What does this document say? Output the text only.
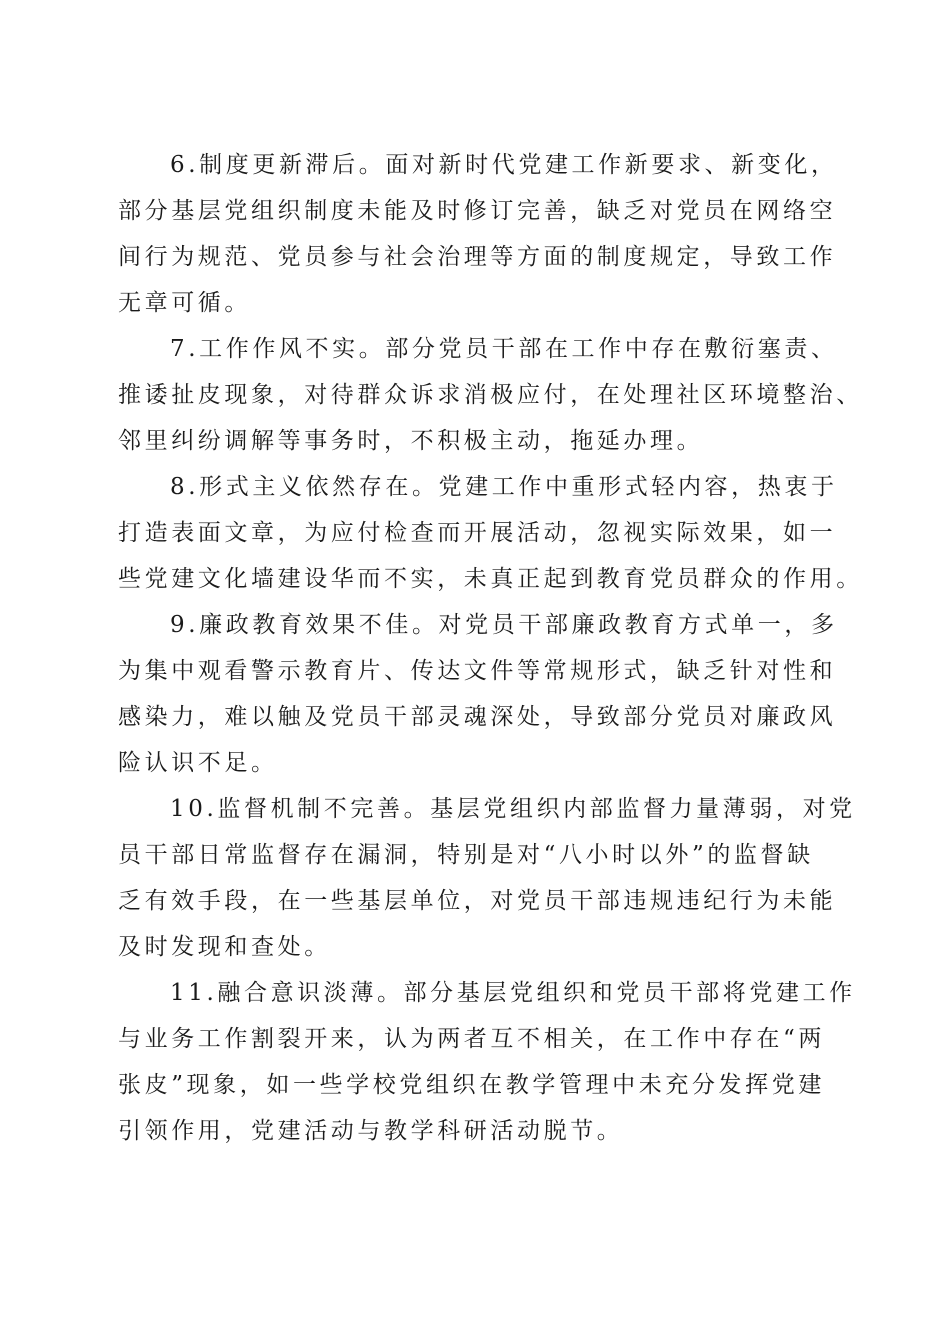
6.制度更新滞后。面对新时代党建工作新要求、新变化，
部分基层党组织制度未能及时修订完善，缺乏对党员在网络空
间行为规范、党员参与社会治理等方面的制度规定，导致工作
无章可循。
7.工作作风不实。部分党员干部在工作中存在敷衍塞责、
推诿扯皮现象，对待群众诉求消极应付，在处理社区环境整治、
邻里纠纷调解等事务时，不积极主动，拖延办理。
8.形式主义依然存在。党建工作中重形式轻内容，热衷于
打造表面文章，为应付检查而开展活动，忽视实际效果，如一
些党建文化墙建设华而不实，未真正起到教育党员群众的作用。
9.廉政教育效果不佳。对党员干部廉政教育方式单一，多
为集中观看警示教育片、传达文件等常规形式，缺乏针对性和
感染力，难以触及党员干部灵魂深处，导致部分党员对廉政风
险认识不足。
10.监督机制不完善。基层党组织内部监督力量薄弱，对党
员干部日常监督存在漏洞，特别是对“八小时以外”的监督缺
乏有效手段，在一些基层单位，对党员干部违规违纪行为未能
及时发现和查处。
11.融合意识淡薄。部分基层党组织和党员干部将党建工作
与业务工作割裂开来，认为两者互不相关，在工作中存在“两
张皮”现象，如一些学校党组织在教学管理中未充分发挥党建
引领作用，党建活动与教学科研活动脱节。
